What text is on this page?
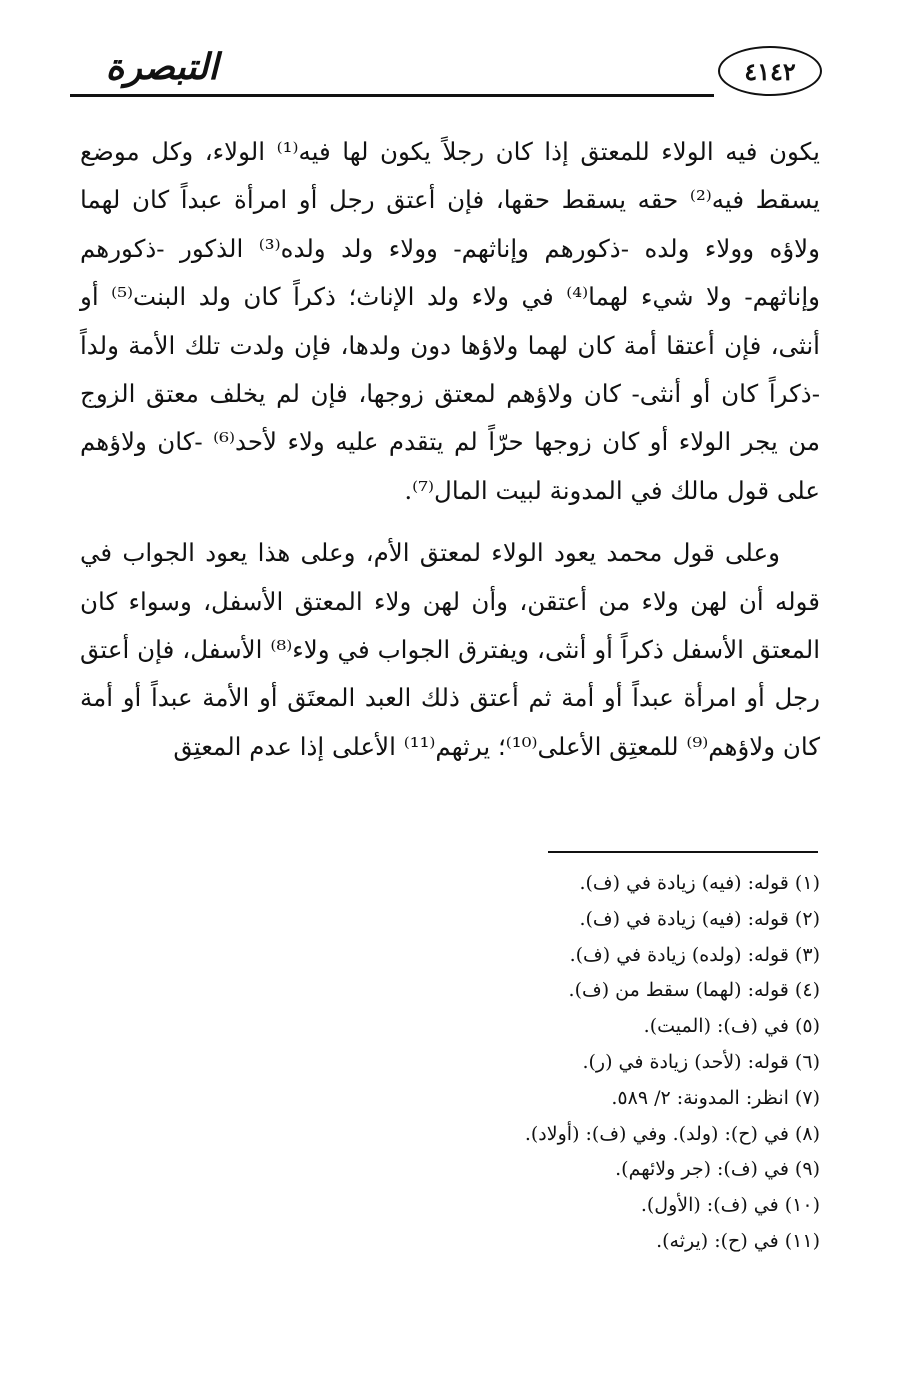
التبصرة	٤١٤٢

يكون فيه الولاء للمعتق إذا كان رجلاً يكون لها فيه⁽¹⁾ الولاء، وكل موضع يسقط فيه⁽²⁾ حقه يسقط حقها، فإن أعتق رجل أو امرأة عبداً كان لهما ولاؤه وولاء ولده -ذكورهم وإناثهم- وولاء ولد ولده⁽³⁾ الذكور -ذكورهم وإناثهم- ولا شيء لهما⁽⁴⁾ في ولاء ولد الإناث؛ ذكراً كان ولد البنت⁽⁵⁾ أو أنثى، فإن أعتقا أمة كان لهما ولاؤها دون ولدها، فإن ولدت تلك الأمة ولداً -ذكراً كان أو أنثى- كان ولاؤهم لمعتق زوجها، فإن لم يخلف معتق الزوج من يجر الولاء أو كان زوجها حرّاً لم يتقدم عليه ولاء لأحد⁽⁶⁾ -كان ولاؤهم على قول مالك في المدونة لبيت المال⁽⁷⁾.

وعلى قول محمد يعود الولاء لمعتق الأم، وعلى هذا يعود الجواب في قوله أن لهن ولاء من أعتقن، وأن لهن ولاء المعتق الأسفل، وسواء كان المعتق الأسفل ذكراً أو أنثى، ويفترق الجواب في ولاء⁽⁸⁾ الأسفل، فإن أعتق رجل أو امرأة عبداً أو أمة ثم أعتق ذلك العبد المعتَق أو الأمة عبداً أو أمة كان ولاؤهم⁽⁹⁾ للمعتِق الأعلى⁽¹⁰⁾؛ يرثهم⁽¹¹⁾ الأعلى إذا عدم المعتِق

(١) قوله: (فيه) زيادة في (ف).

(٢) قوله: (فيه) زيادة في (ف).

(٣) قوله: (ولده) زيادة في (ف).

(٤) قوله: (لهما) سقط من (ف).

(٥) في (ف): (الميت).

(٦) قوله: (لأحد) زيادة في (ر).

(٧) انظر: المدونة: ٢/ ٥٨٩.

(٨) في (ح): (ولد). وفي (ف): (أولاد).

(٩) في (ف): (جر ولائهم).

(١٠) في (ف): (الأول).

(١١) في (ح): (يرثه).
